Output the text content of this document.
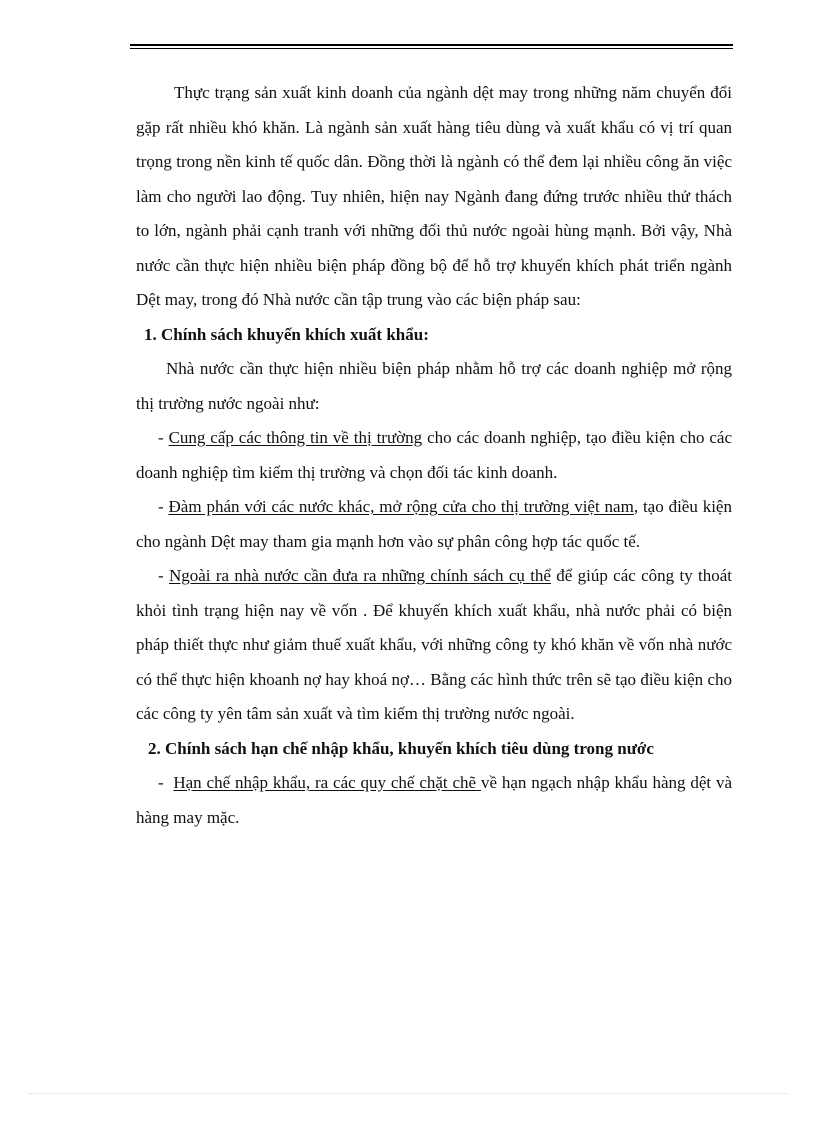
Thực trạng sản xuất kinh doanh của ngành dệt may trong những năm chuyển đổi gặp rất nhiều khó khăn. Là ngành sản xuất hàng tiêu dùng và xuất khẩu có vị trí quan trọng trong nền kinh tế quốc dân. Đồng thời là ngành có thể đem lại nhiều công ăn việc làm cho người lao động. Tuy nhiên, hiện nay Ngành đang đứng trước nhiều thử thách to lớn, ngành phải cạnh tranh với những đối thủ nước ngoài hùng mạnh. Bởi vậy, Nhà nước cần thực hiện nhiều biện pháp đồng bộ để hỗ trợ khuyến khích phát triển ngành Dệt may, trong đó Nhà nước cần tập trung vào các biện pháp sau:

1. Chính sách khuyến khích xuất khẩu:

Nhà nước cần thực hiện nhiều biện pháp nhằm hỗ trợ các doanh nghiệp mở rộng thị trường nước ngoài như:

- Cung cấp các thông tin về thị trường cho các doanh nghiệp, tạo điều kiện cho các doanh nghiệp tìm kiếm thị trường và chọn đối tác kinh doanh.

- Đàm phán với các nước khác, mở rộng cửa cho thị trường việt nam, tạo điều kiện cho ngành Dệt may tham gia mạnh hơn vào sự phân công hợp tác quốc tế.

- Ngoài ra nhà nước cần đưa ra những chính sách cụ thể để giúp các công ty thoát khỏi tình trạng hiện nay về vốn . Để khuyến khích xuất khẩu, nhà nước phải có biện pháp thiết thực như giảm thuế xuất khẩu, với những công ty khó khăn về vốn nhà nước có thể thực hiện khoanh nợ hay khoá nợ… Bằng các hình thức trên sẽ tạo điều kiện cho các công ty yên tâm sản xuất và tìm kiếm thị trường nước ngoài.

2. Chính sách hạn chế nhập khẩu, khuyến khích tiêu dùng trong nước

-  Hạn chế nhập khẩu, ra các quy chế chặt chẽ về hạn ngạch nhập khẩu hàng dệt và hàng may mặc.
